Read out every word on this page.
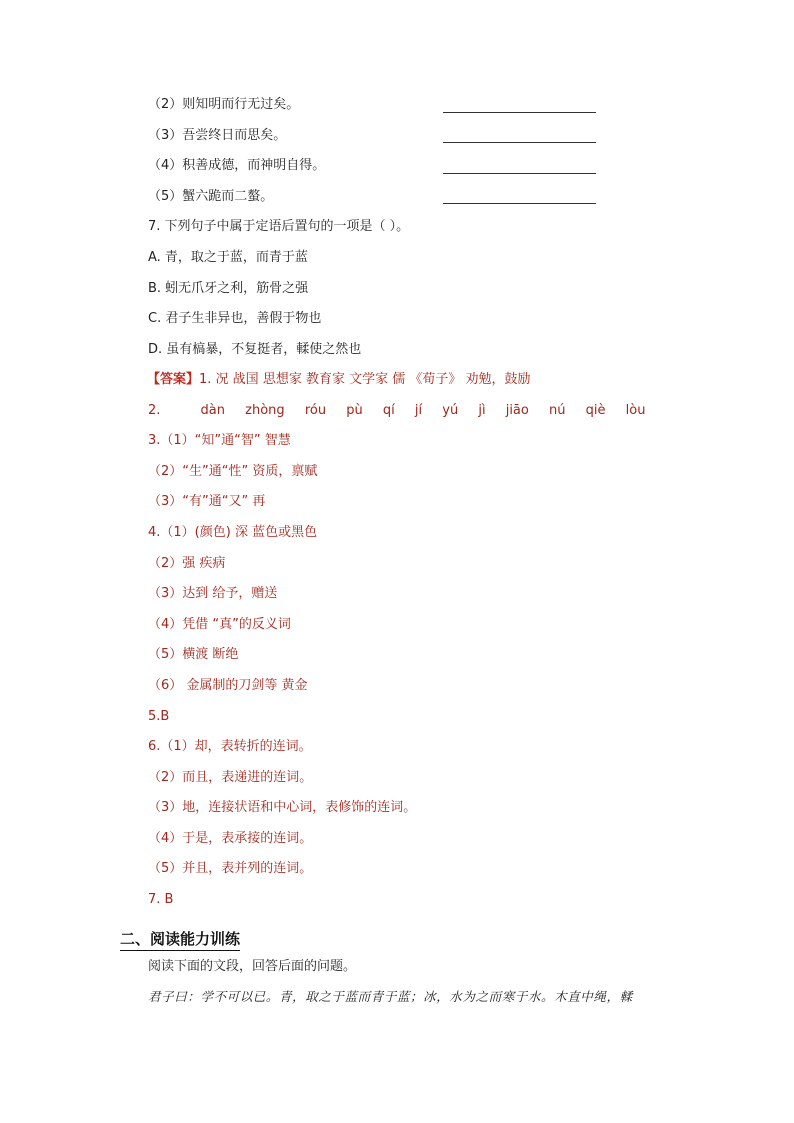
（2）则知明而行无过矣。
（3）吾尝终日而思矣。
（4）积善成德，而神明自得。
（5）蟹六跪而二螯。
7. 下列句子中属于定语后置句的一项是（ ）。
A. 青，取之于蓝，而青于蓝
B. 蚓无爪牙之利，筋骨之强
C. 君子生非异也，善假于物也
D. 虽有槁暴，不复挺者，輮使之然也
【答案】1. 况 战国 思想家 教育家 文学家 儒 《荀子》 劝勉，鼓励
2.	dàn zhòng róu pù qí jí yú jì jiāo nú qiè lòu
3.（1）“知”通“智” 智慧
（2）“生”通“性” 资质，禀赋
（3）“有”通“又” 再
4.（1）(颜色) 深 蓝色或黑色
（2）强 疾病
（3）达到 给予，赠送
（4）凭借 “真”的反义词
（5）横渡 断绝
（6） 金属制的刀剑等 黄金
5.B
6.（1）却，表转折的连词。
（2）而且，表递进的连词。
（3）地，连接状语和中心词，表修饰的连词。
（4）于是，表承接的连词。
（5）并且，表并列的连词。
7. B
二、阅读能力训练
阅读下面的文段，回答后面的问题。
君子曰：学不可以已。青，取之于蓝而青于蓝；冰，水为之而寒于水。木直中绳，輮
